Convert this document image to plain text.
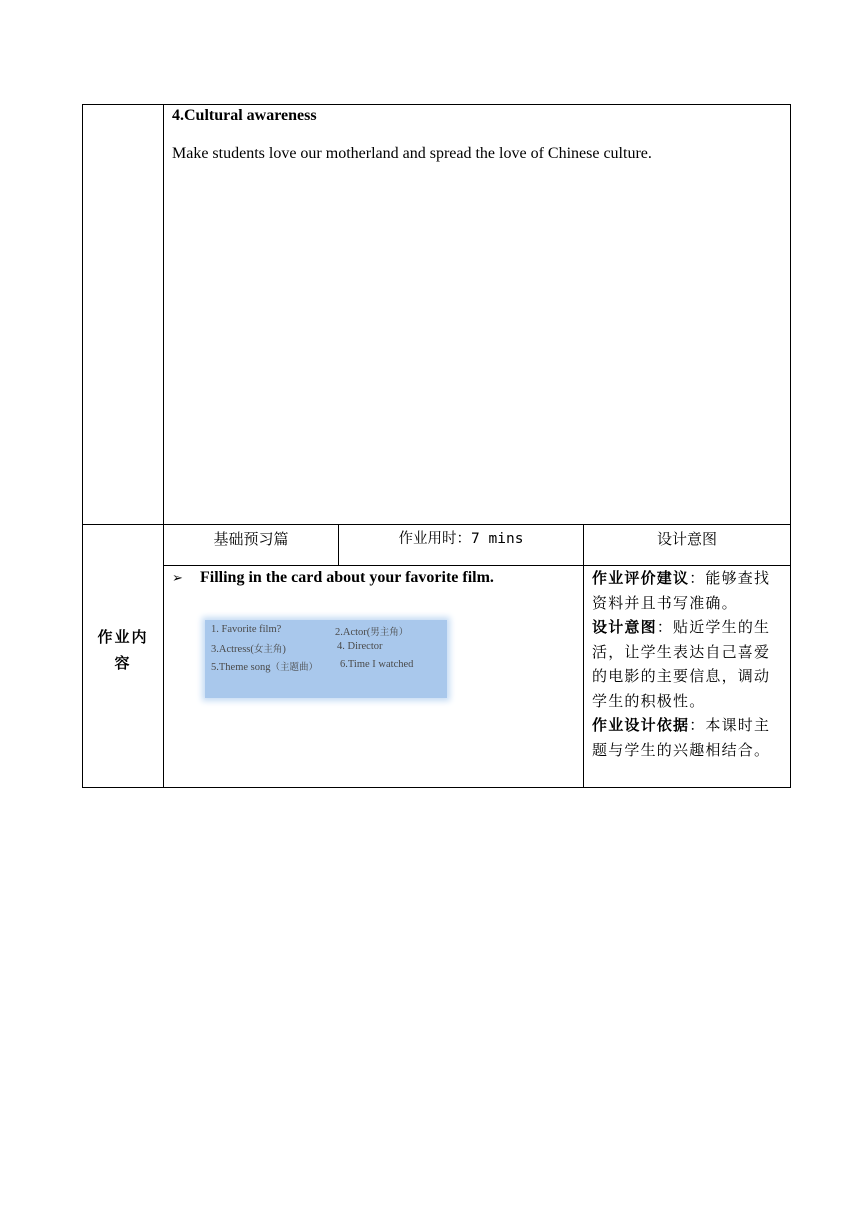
4.Cultural awareness
Make students love our motherland and spread the love of Chinese culture.
基础预习篇	作业用时：7 mins	设计意图
作业内容
➢ Filling in the card about your favorite film.
1. Favorite film?	2.Actor(男主角）
3.Actress(女主角)	4. Director
5.Theme song（主题曲） 6.Time I watched

作业评价建议：能够查找资料并且书写准确。

设计意图：贴近学生的生活，让学生表达自己喜爱的电影的主要信息，调动学生的积极性。

作业设计依据：本课时主题与学生的兴趣相结合。
